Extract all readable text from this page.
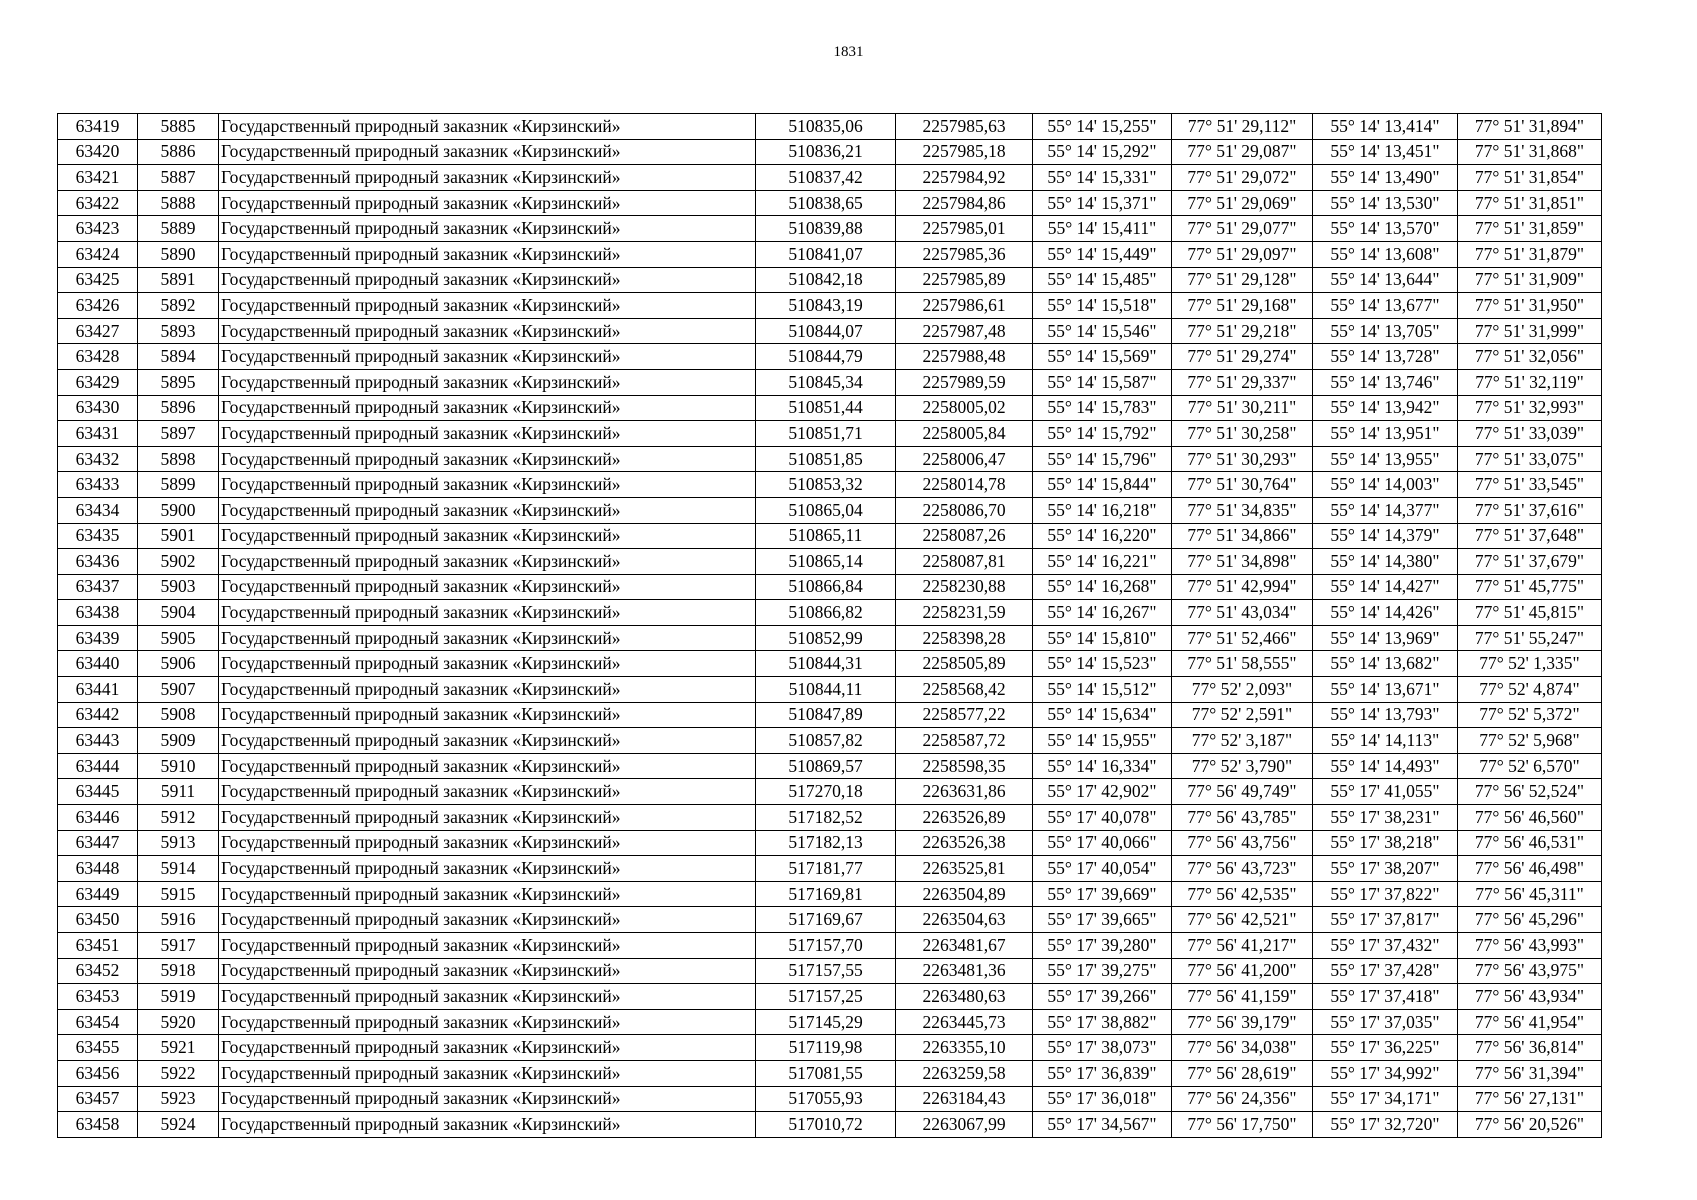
1831
63419	5885	Государственный природный заказник «Кирзинский»	510835,06	2257985,63	55° 14' 15,255"	77° 51' 29,112"	55° 14' 13,414"	77° 51' 31,894"
63420	5886	Государственный природный заказник «Кирзинский»	510836,21	2257985,18	55° 14' 15,292"	77° 51' 29,087"	55° 14' 13,451"	77° 51' 31,868"
63421	5887	Государственный природный заказник «Кирзинский»	510837,42	2257984,92	55° 14' 15,331"	77° 51' 29,072"	55° 14' 13,490"	77° 51' 31,854"
63422	5888	Государственный природный заказник «Кирзинский»	510838,65	2257984,86	55° 14' 15,371"	77° 51' 29,069"	55° 14' 13,530"	77° 51' 31,851"
63423	5889	Государственный природный заказник «Кирзинский»	510839,88	2257985,01	55° 14' 15,411"	77° 51' 29,077"	55° 14' 13,570"	77° 51' 31,859"
63424	5890	Государственный природный заказник «Кирзинский»	510841,07	2257985,36	55° 14' 15,449"	77° 51' 29,097"	55° 14' 13,608"	77° 51' 31,879"
63425	5891	Государственный природный заказник «Кирзинский»	510842,18	2257985,89	55° 14' 15,485"	77° 51' 29,128"	55° 14' 13,644"	77° 51' 31,909"
63426	5892	Государственный природный заказник «Кирзинский»	510843,19	2257986,61	55° 14' 15,518"	77° 51' 29,168"	55° 14' 13,677"	77° 51' 31,950"
63427	5893	Государственный природный заказник «Кирзинский»	510844,07	2257987,48	55° 14' 15,546"	77° 51' 29,218"	55° 14' 13,705"	77° 51' 31,999"
63428	5894	Государственный природный заказник «Кирзинский»	510844,79	2257988,48	55° 14' 15,569"	77° 51' 29,274"	55° 14' 13,728"	77° 51' 32,056"
63429	5895	Государственный природный заказник «Кирзинский»	510845,34	2257989,59	55° 14' 15,587"	77° 51' 29,337"	55° 14' 13,746"	77° 51' 32,119"
63430	5896	Государственный природный заказник «Кирзинский»	510851,44	2258005,02	55° 14' 15,783"	77° 51' 30,211"	55° 14' 13,942"	77° 51' 32,993"
63431	5897	Государственный природный заказник «Кирзинский»	510851,71	2258005,84	55° 14' 15,792"	77° 51' 30,258"	55° 14' 13,951"	77° 51' 33,039"
63432	5898	Государственный природный заказник «Кирзинский»	510851,85	2258006,47	55° 14' 15,796"	77° 51' 30,293"	55° 14' 13,955"	77° 51' 33,075"
63433	5899	Государственный природный заказник «Кирзинский»	510853,32	2258014,78	55° 14' 15,844"	77° 51' 30,764"	55° 14' 14,003"	77° 51' 33,545"
63434	5900	Государственный природный заказник «Кирзинский»	510865,04	2258086,70	55° 14' 16,218"	77° 51' 34,835"	55° 14' 14,377"	77° 51' 37,616"
63435	5901	Государственный природный заказник «Кирзинский»	510865,11	2258087,26	55° 14' 16,220"	77° 51' 34,866"	55° 14' 14,379"	77° 51' 37,648"
63436	5902	Государственный природный заказник «Кирзинский»	510865,14	2258087,81	55° 14' 16,221"	77° 51' 34,898"	55° 14' 14,380"	77° 51' 37,679"
63437	5903	Государственный природный заказник «Кирзинский»	510866,84	2258230,88	55° 14' 16,268"	77° 51' 42,994"	55° 14' 14,427"	77° 51' 45,775"
63438	5904	Государственный природный заказник «Кирзинский»	510866,82	2258231,59	55° 14' 16,267"	77° 51' 43,034"	55° 14' 14,426"	77° 51' 45,815"
63439	5905	Государственный природный заказник «Кирзинский»	510852,99	2258398,28	55° 14' 15,810"	77° 51' 52,466"	55° 14' 13,969"	77° 51' 55,247"
63440	5906	Государственный природный заказник «Кирзинский»	510844,31	2258505,89	55° 14' 15,523"	77° 51' 58,555"	55° 14' 13,682"	77° 52' 1,335"
63441	5907	Государственный природный заказник «Кирзинский»	510844,11	2258568,42	55° 14' 15,512"	77° 52' 2,093"	55° 14' 13,671"	77° 52' 4,874"
63442	5908	Государственный природный заказник «Кирзинский»	510847,89	2258577,22	55° 14' 15,634"	77° 52' 2,591"	55° 14' 13,793"	77° 52' 5,372"
63443	5909	Государственный природный заказник «Кирзинский»	510857,82	2258587,72	55° 14' 15,955"	77° 52' 3,187"	55° 14' 14,113"	77° 52' 5,968"
63444	5910	Государственный природный заказник «Кирзинский»	510869,57	2258598,35	55° 14' 16,334"	77° 52' 3,790"	55° 14' 14,493"	77° 52' 6,570"
63445	5911	Государственный природный заказник «Кирзинский»	517270,18	2263631,86	55° 17' 42,902"	77° 56' 49,749"	55° 17' 41,055"	77° 56' 52,524"
63446	5912	Государственный природный заказник «Кирзинский»	517182,52	2263526,89	55° 17' 40,078"	77° 56' 43,785"	55° 17' 38,231"	77° 56' 46,560"
63447	5913	Государственный природный заказник «Кирзинский»	517182,13	2263526,38	55° 17' 40,066"	77° 56' 43,756"	55° 17' 38,218"	77° 56' 46,531"
63448	5914	Государственный природный заказник «Кирзинский»	517181,77	2263525,81	55° 17' 40,054"	77° 56' 43,723"	55° 17' 38,207"	77° 56' 46,498"
63449	5915	Государственный природный заказник «Кирзинский»	517169,81	2263504,89	55° 17' 39,669"	77° 56' 42,535"	55° 17' 37,822"	77° 56' 45,311"
63450	5916	Государственный природный заказник «Кирзинский»	517169,67	2263504,63	55° 17' 39,665"	77° 56' 42,521"	55° 17' 37,817"	77° 56' 45,296"
63451	5917	Государственный природный заказник «Кирзинский»	517157,70	2263481,67	55° 17' 39,280"	77° 56' 41,217"	55° 17' 37,432"	77° 56' 43,993"
63452	5918	Государственный природный заказник «Кирзинский»	517157,55	2263481,36	55° 17' 39,275"	77° 56' 41,200"	55° 17' 37,428"	77° 56' 43,975"
63453	5919	Государственный природный заказник «Кирзинский»	517157,25	2263480,63	55° 17' 39,266"	77° 56' 41,159"	55° 17' 37,418"	77° 56' 43,934"
63454	5920	Государственный природный заказник «Кирзинский»	517145,29	2263445,73	55° 17' 38,882"	77° 56' 39,179"	55° 17' 37,035"	77° 56' 41,954"
63455	5921	Государственный природный заказник «Кирзинский»	517119,98	2263355,10	55° 17' 38,073"	77° 56' 34,038"	55° 17' 36,225"	77° 56' 36,814"
63456	5922	Государственный природный заказник «Кирзинский»	517081,55	2263259,58	55° 17' 36,839"	77° 56' 28,619"	55° 17' 34,992"	77° 56' 31,394"
63457	5923	Государственный природный заказник «Кирзинский»	517055,93	2263184,43	55° 17' 36,018"	77° 56' 24,356"	55° 17' 34,171"	77° 56' 27,131"
63458	5924	Государственный природный заказник «Кирзинский»	517010,72	2263067,99	55° 17' 34,567"	77° 56' 17,750"	55° 17' 32,720"	77° 56' 20,526"
